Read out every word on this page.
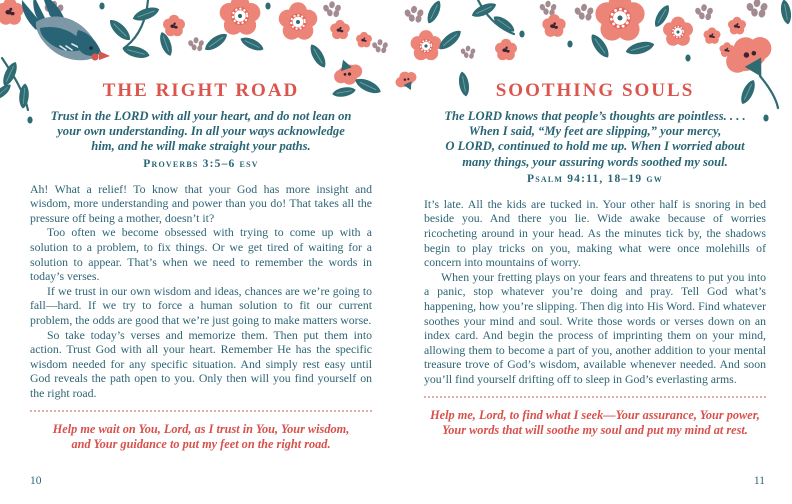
THE RIGHT ROAD
Trust in the LORD with all your heart, and do not lean on
your own understanding. In all your ways acknowledge
him, and he will make straight your paths.
Proverbs 3:5–6 esv

Ah! What a relief! To know that your God has more insight and wisdom, more understanding and power than you do! That takes all the pressure off being a mother, doesn’t it?

Too often we become obsessed with trying to come up with a solution to a problem, to fix things. Or we get tired of waiting for a solution to appear. That’s when we need to remember the words in today’s verses.

If we trust in our own wisdom and ideas, chances are we’re going to fall—hard. If we try to force a human solution to fit our current problem, the odds are good that we’re just going to make matters worse.

So take today’s verses and memorize them. Then put them into action. Trust God with all your heart. Remember He has the specific wisdom needed for any specific situation. And simply rest easy until God reveals the path open to you. Only then will you find yourself on the right road.

Help me wait on You, Lord, as I trust in You, Your wisdom,
and Your guidance to put my feet on the right road.
SOOTHING SOULS
The LORD knows that people’s thoughts are pointless. . . .
When I said, “My feet are slipping,” your mercy,
O LORD, continued to hold me up. When I worried about
many things, your assuring words soothed my soul.
Psalm 94:11, 18–19 gw

It’s late. All the kids are tucked in. Your other half is snoring in bed beside you. And there you lie. Wide awake because of worries ricocheting around in your head. As the minutes tick by, the shadows begin to play tricks on you, making what were once molehills of concern into mountains of worry.

When your fretting plays on your fears and threatens to put you into a panic, stop whatever you’re doing and pray. Tell God what’s happening, how you’re slipping. Then dig into His Word. Find whatever soothes your mind and soul. Write those words or verses down on an index card. And begin the process of imprinting them on your mind, allowing them to become a part of you, another addition to your mental treasure trove of God’s wisdom, available whenever needed. And soon you’ll find yourself drifting off to sleep in God’s everlasting arms.

Help me, Lord, to find what I seek—Your assurance, Your power,
Your words that will soothe my soul and put my mind at rest.
10	11
